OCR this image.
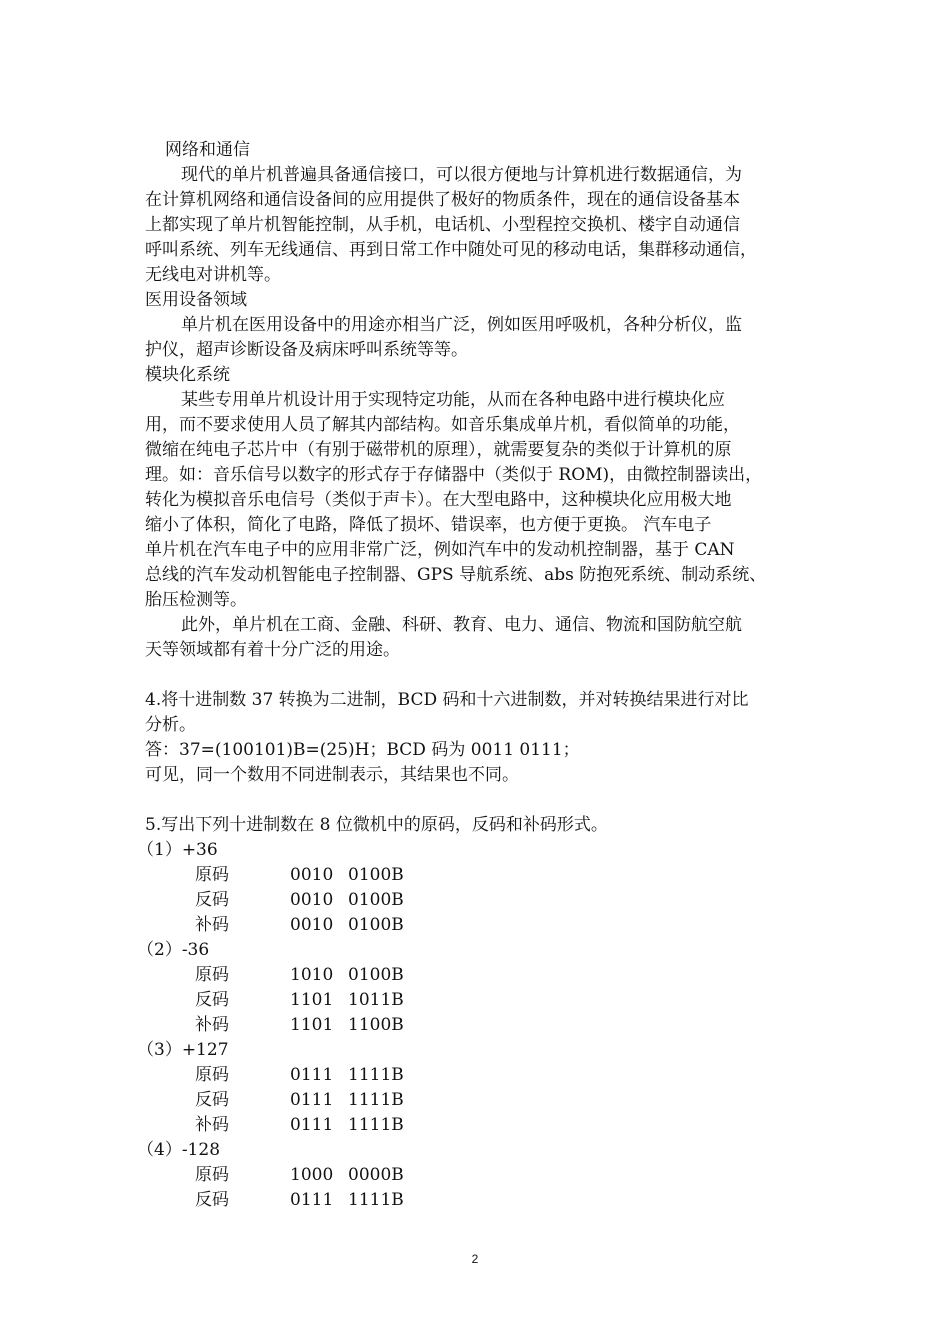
网络和通信

现代的单片机普遍具备通信接口，可以很方便地与计算机进行数据通信，为

在计算机网络和通信设备间的应用提供了极好的物质条件，现在的通信设备基本

上都实现了单片机智能控制，从手机，电话机、小型程控交换机、楼宇自动通信

呼叫系统、列车无线通信、再到日常工作中随处可见的移动电话，集群移动通信，

无线电对讲机等。

医用设备领域

单片机在医用设备中的用途亦相当广泛，例如医用呼吸机，各种分析仪，监

护仪，超声诊断设备及病床呼叫系统等等。

模块化系统

某些专用单片机设计用于实现特定功能，从而在各种电路中进行模块化应

用，而不要求使用人员了解其内部结构。如音乐集成单片机，看似简单的功能，

微缩在纯电子芯片中（有别于磁带机的原理），就需要复杂的类似于计算机的原

理。如：音乐信号以数字的形式存于存储器中（类似于 ROM)，由微控制器读出，

转化为模拟音乐电信号（类似于声卡）。在大型电路中，这种模块化应用极大地

缩小了体积，简化了电路，降低了损坏、错误率，也方便于更换。 汽车电子

单片机在汽车电子中的应用非常广泛，例如汽车中的发动机控制器，基于 CAN

总线的汽车发动机智能电子控制器、GPS 导航系统、abs 防抱死系统、制动系统、

胎压检测等。

此外，单片机在工商、金融、科研、教育、电力、通信、物流和国防航空航

天等领域都有着十分广泛的用途。

4.将十进制数 37 转换为二进制，BCD 码和十六进制数，并对转换结果进行对比

分析。

答：37=(100101)B=(25)H；BCD 码为 0011 0111；

可见，同一个数用不同进制表示，其结果也不同。

5.写出下列十进制数在 8 位微机中的原码，反码和补码形式。

（1）+36
原码	0010 0100B
反码	0010 0100B
补码	0010 0100B
（2）-36
原码	1010 0100B
反码	1101 1011B
补码	1101 1100B
（3）+127
原码	0111 1111B
反码	0111 1111B
补码	0111 1111B
（4）-128
原码	1000 0000B
反码	0111 1111B
2
